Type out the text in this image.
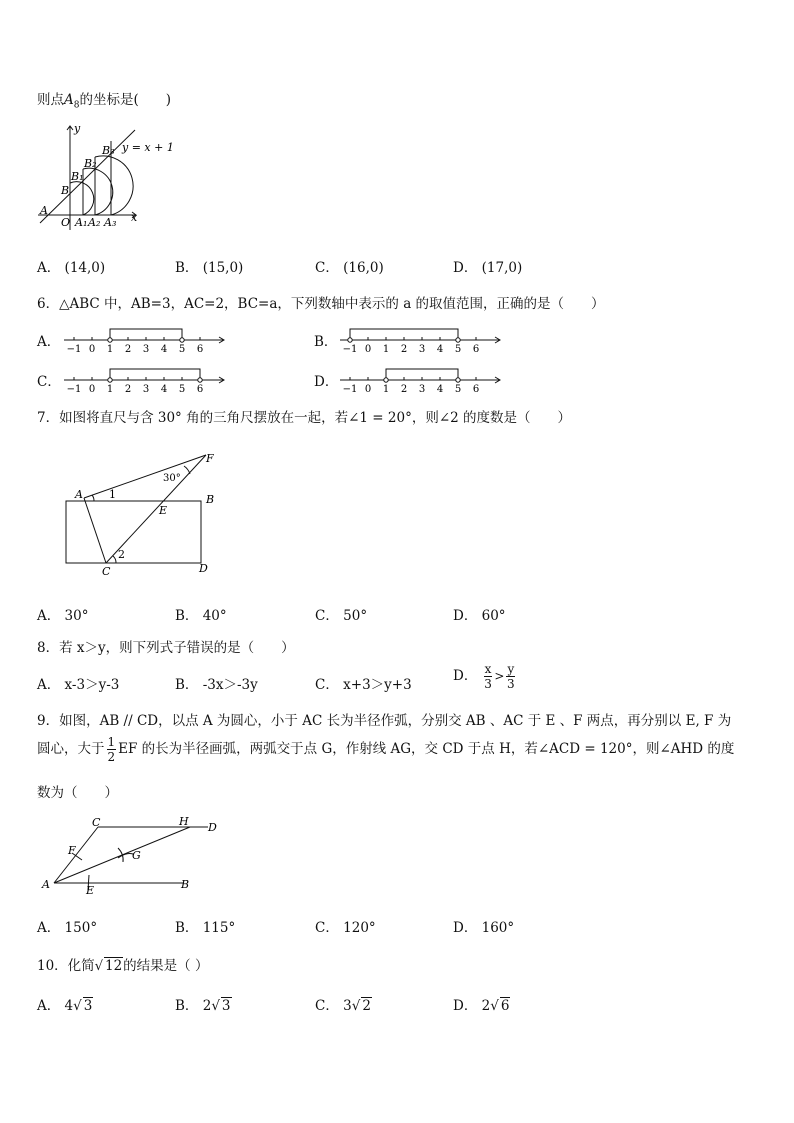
则点$A_8$的坐标是(　　)
y
x
y = x + 1
A
O A₁ A₂ A₃
B
B₁
B₂
B₃
A． (14,0)	B． (15,0)	C． (16,0)	D． (17,0)
6．△ABC 中，AB=3，AC=2，BC=a，下列数轴中表示的 a 的取值范围，正确的是（　　）
A． −1 0 1 2 3 4 5 6	B． −1 0 1 2 3 4 5 6
C． −1 0 1 2 3 4 5 6	D． −1 0 1 2 3 4 5 6
7．如图将直尺与含 30° 角的三角尺摆放在一起，若∠1 = 20°，则∠2 的度数是（　　）
F
30°
A 1	B
E
2
C	D
A． 30°	B． 40°	C． 50°	D． 60°
8．若 x＞y，则下列式子错误的是（　　）
A． x-3＞y-3	B． -3x＞-3y	C． x+3＞y+3
D． $\frac{x}{3} > \frac{y}{3}$
9．如图，AB // CD，以点 A 为圆心，小于 AC 长为半径作弧，分别交 AB 、AC 于 E 、F 两点，再分别以 E, F 为
圆心，大于 $\frac{1}{2}$ EF 的长为半径画弧，两弧交于点 G，作射线 AG，交 CD 于点 H，若∠ACD = 120°，则∠AHD 的度
数为（　　）
C	H D
F	G
A	E	B
A． 150°	B． 115°	C． 120°	D． 160°
10．化简√ 12的结果是（ ）
A． 4√ 3	B． 2√ 3	C． 3√ 2	D． 2√ 6
